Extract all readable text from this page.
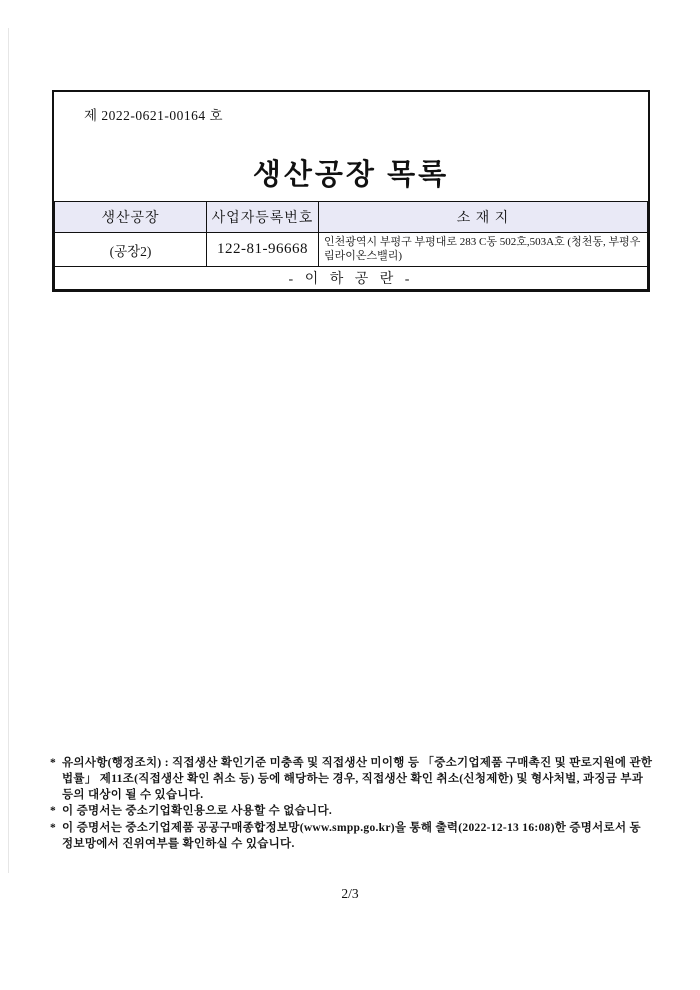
제 2022-0621-00164 호
생산공장 목록
생산공장	사업자등록번호	소 재 지
(공장2)	122-81-96668	인천광역시 부평구 부평대로 283 C동 502호,503A호 (청천동, 부평우림라이온스밸리)
- 이 하 공 란 -		
* 유의사항(행정조치) : 직접생산 확인기준 미충족 및 직접생산 미이행 등 「중소기업제품 구매촉진 및 판로지원에 관한 법률」 제11조(직접생산 확인 취소 등) 등에 해당하는 경우, 직접생산 확인 취소(신청제한) 및 형사처벌, 과징금 부과 등의 대상이 될 수 있습니다.
* 이 증명서는 중소기업확인용으로 사용할 수 없습니다.
* 이 증명서는 중소기업제품 공공구매종합정보망(www.smpp.go.kr)을 통해 출력(2022-12-13 16:08)한 증명서로서 동 정보망에서 진위여부를 확인하실 수 있습니다.
2/3
